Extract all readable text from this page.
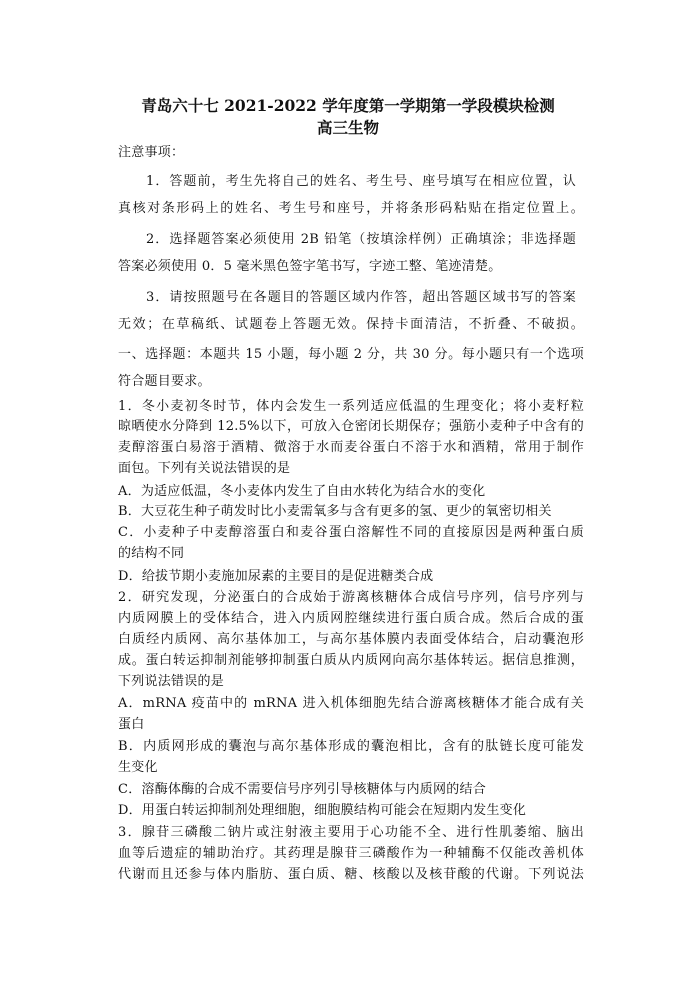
青岛六十七 2021-2022 学年度第一学期第一学段模块检测
高三生物
注意事项：
1．答题前，考生先将自己的姓名、考生号、座号填写在相应位置，认
真核对条形码上的姓名、考生号和座号，并将条形码粘贴在指定位置上。
2．选择题答案必须使用 2B 铅笔（按填涂样例）正确填涂；非选择题
答案必须使用 0．5 毫米黑色签字笔书写，字迹工整、笔迹清楚。
3．请按照题号在各题目的答题区域内作答，超出答题区域书写的答案
无效；在草稿纸、试题卷上答题无效。保持卡面清洁，不折叠、不破损。
一、选择题：本题共 15 小题，每小题 2 分，共 30 分。每小题只有一个选项
符合题目要求。
1．冬小麦初冬时节，体内会发生一系列适应低温的生理变化；将小麦籽粒
晾晒使水分降到 12.5%以下，可放入仓密闭长期保存；强筋小麦种子中含有的
麦醇溶蛋白易溶于酒精、微溶于水而麦谷蛋白不溶于水和酒精，常用于制作
面包。下列有关说法错误的是
A．为适应低温，冬小麦体内发生了自由水转化为结合水的变化
B．大豆花生种子萌发时比小麦需氧多与含有更多的氢、更少的氧密切相关
C．小麦种子中麦醇溶蛋白和麦谷蛋白溶解性不同的直接原因是两种蛋白质
的结构不同
D．给拔节期小麦施加尿素的主要目的是促进糖类合成
2．研究发现，分泌蛋白的合成始于游离核糖体合成信号序列，信号序列与
内质网膜上的受体结合，进入内质网腔继续进行蛋白质合成。然后合成的蛋
白质经内质网、高尔基体加工，与高尔基体膜内表面受体结合，启动囊泡形
成。蛋白转运抑制剂能够抑制蛋白质从内质网向高尔基体转运。据信息推测，
下列说法错误的是
A．mRNA 疫苗中的 mRNA 进入机体细胞先结合游离核糖体才能合成有关
蛋白
B．内质网形成的囊泡与高尔基体形成的囊泡相比，含有的肽链长度可能发
生变化
C．溶酶体酶的合成不需要信号序列引导核糖体与内质网的结合
D．用蛋白转运抑制剂处理细胞，细胞膜结构可能会在短期内发生变化
3．腺苷三磷酸二钠片或注射液主要用于心功能不全、进行性肌萎缩、脑出
血等后遗症的辅助治疗。其药理是腺苷三磷酸作为一种辅酶不仅能改善机体
代谢而且还参与体内脂肪、蛋白质、糖、核酸以及核苷酸的代谢。下列说法
